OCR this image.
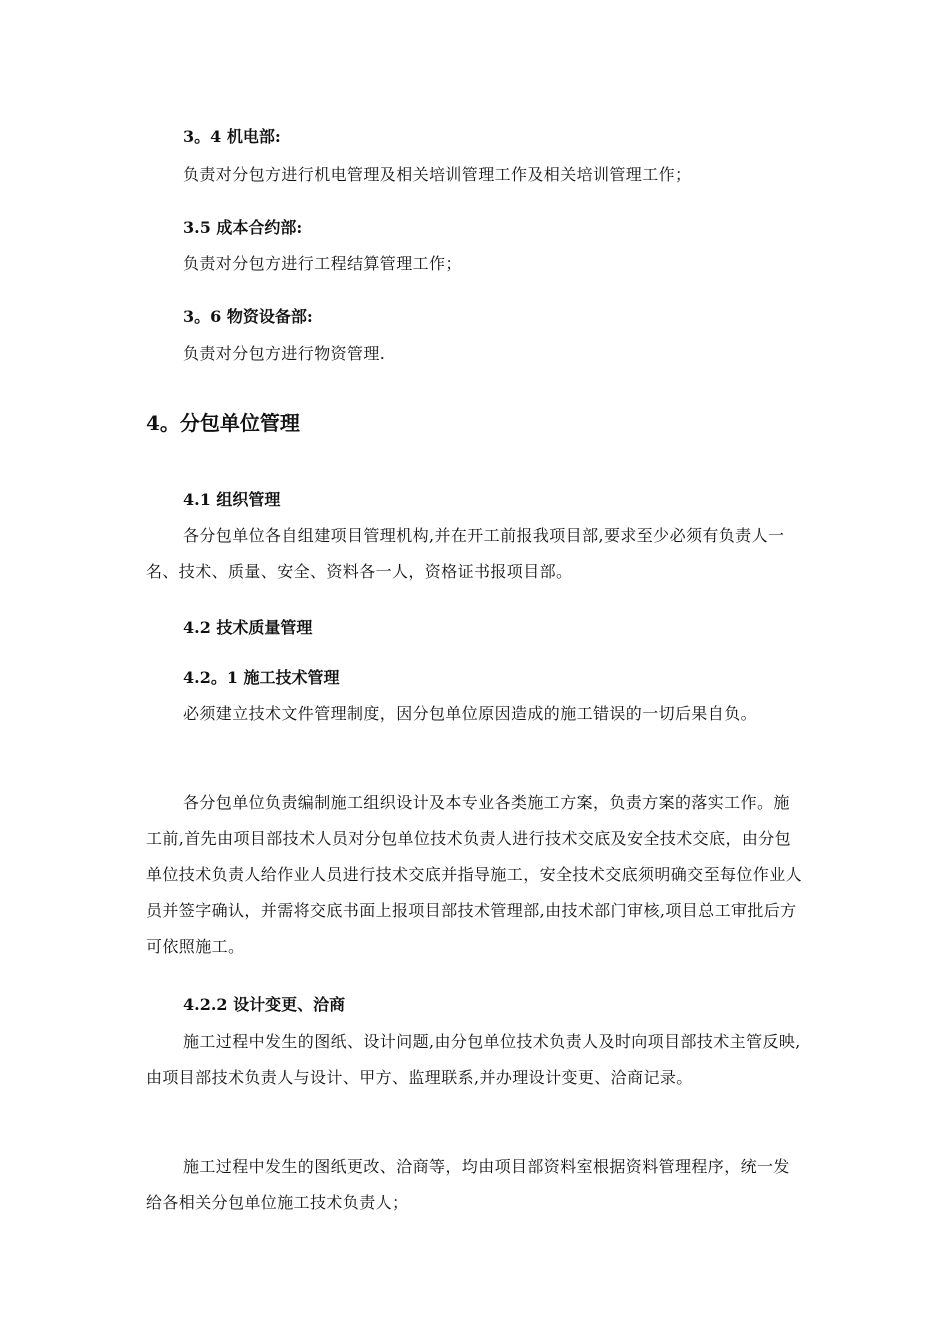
3。4 机电部:
负责对分包方进行机电管理及相关培训管理工作及相关培训管理工作；
3.5 成本合约部:
负责对分包方进行工程结算管理工作；
3。6 物资设备部:
负责对分包方进行物资管理.
4。分包单位管理
4.1 组织管理
各分包单位各自组建项目管理机构,并在开工前报我项目部,要求至少必须有负责人一名、技术、质量、安全、资料各一人，资格证书报项目部。
4.2 技术质量管理
4.2。1 施工技术管理
必须建立技术文件管理制度，因分包单位原因造成的施工错误的一切后果自负。
各分包单位负责编制施工组织设计及本专业各类施工方案，负责方案的落实工作。施工前,首先由项目部技术人员对分包单位技术负责人进行技术交底及安全技术交底，由分包单位技术负责人给作业人员进行技术交底并指导施工，安全技术交底须明确交至每位作业人员并签字确认，并需将交底书面上报项目部技术管理部,由技术部门审核,项目总工审批后方可依照施工。
4.2.2 设计变更、洽商
施工过程中发生的图纸、设计问题,由分包单位技术负责人及时向项目部技术主管反映,由项目部技术负责人与设计、甲方、监理联系,并办理设计变更、洽商记录。
施工过程中发生的图纸更改、洽商等，均由项目部资料室根据资料管理程序，统一发给各相关分包单位施工技术负责人；
